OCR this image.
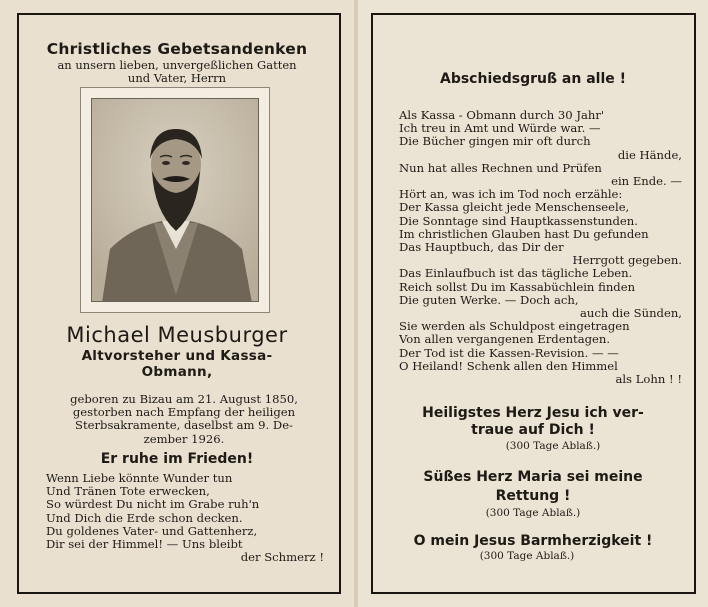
Christliches Gebetsandenken
an unsern lieben, unvergeßlichen Gatten
und Vater, Herrn
Michael Meusburger
Altvorsteher und Kassa-
Obmann,
geboren zu Bizau am 21. August 1850,
gestorben nach Empfang der heiligen
Sterbsakramente, daselbst am 9. De-
zember 1926.
Er ruhe im Frieden!
Wenn Liebe könnte Wunder tun
Und Tränen Tote erwecken,
So würdest Du nicht im Grabe ruh'n
Und Dich die Erde schon decken.
Du goldenes Vater- und Gattenherz,
Dir sei der Himmel! — Uns bleibt
der Schmerz !
Abschiedsgruß an alle !
Als Kassa - Obmann durch 30 Jahr'
Ich treu in Amt und Würde war. —
Die Bücher gingen mir oft durch
die Hände,
Nun hat alles Rechnen und Prüfen
ein Ende. —
Hört an, was ich im Tod noch erzähle:
Der Kassa gleicht jede Menschenseele,
Die Sonntage sind Hauptkassenstunden.
Im christlichen Glauben hast Du gefunden
Das Hauptbuch, das Dir der
Herrgott gegeben.
Das Einlaufbuch ist das tägliche Leben.
Reich sollst Du im Kassabüchlein finden
Die guten Werke. — Doch ach,
auch die Sünden,
Sie werden als Schuldpost eingetragen
Von allen vergangenen Erdentagen.
Der Tod ist die Kassen-Revision. — —
O Heiland! Schenk allen den Himmel
als Lohn ! !
Heiligstes Herz Jesu ich ver-
traue auf Dich !
(300 Tage Ablaß.)
Süßes Herz Maria sei meine
Rettung !
(300 Tage Ablaß.)
O mein Jesus Barmherzigkeit !
(300 Tage Ablaß.)
